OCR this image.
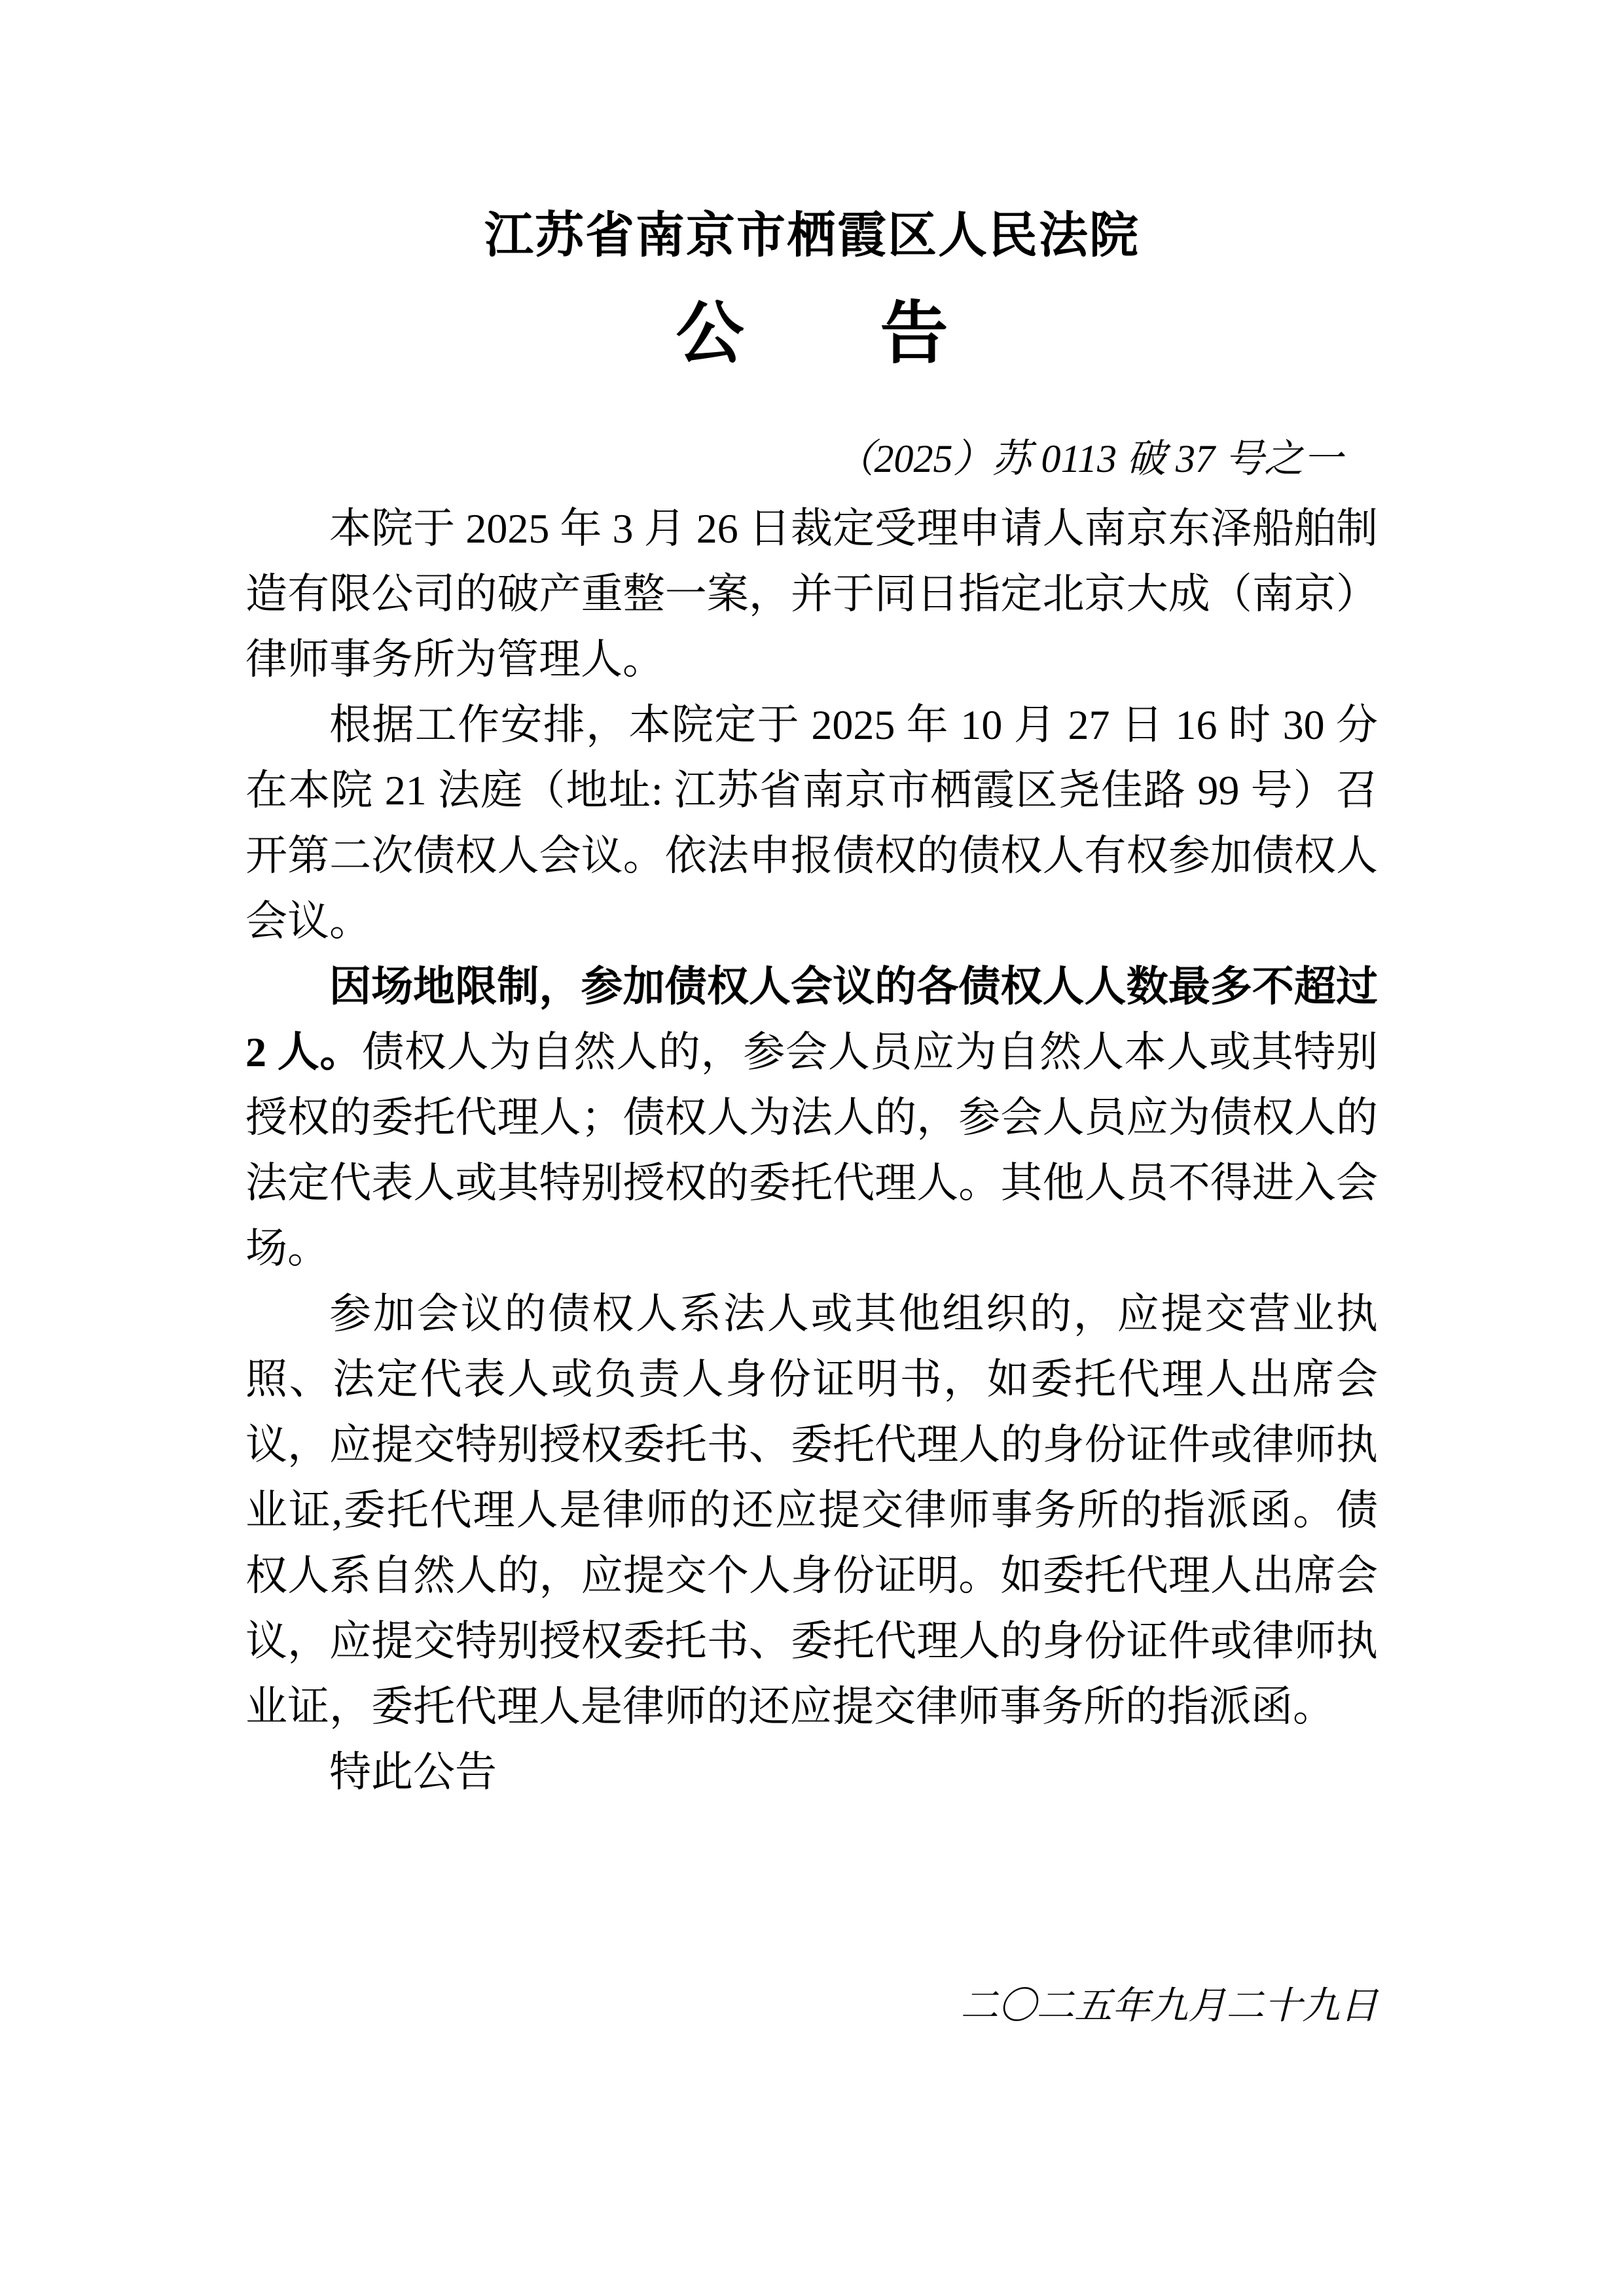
江苏省南京市栖霞区人民法院
公　　告
（2025）苏 0113 破 37 号之一

本院于 2025 年 3 月 26 日裁定受理申请人南京东泽船舶制造有限公司的破产重整一案，并于同日指定北京大成（南京）律师事务所为管理人。

根据工作安排，本院定于 2025 年 10 月 27 日 16 时 30 分在本院 21 法庭（地址: 江苏省南京市栖霞区尧佳路 99 号）召开第二次债权人会议。依法申报债权的债权人有权参加债权人会议。

因场地限制，参加债权人会议的各债权人人数最多不超过 2 人。债权人为自然人的，参会人员应为自然人本人或其特别授权的委托代理人；债权人为法人的，参会人员应为债权人的法定代表人或其特别授权的委托代理人。其他人员不得进入会场。

参加会议的债权人系法人或其他组织的，应提交营业执照、法定代表人或负责人身份证明书，如委托代理人出席会议，应提交特别授权委托书、委托代理人的身份证件或律师执业证,委托代理人是律师的还应提交律师事务所的指派函。债权人系自然人的，应提交个人身份证明。如委托代理人出席会议，应提交特别授权委托书、委托代理人的身份证件或律师执业证，委托代理人是律师的还应提交律师事务所的指派函。

特此公告

二〇二五年九月二十九日
